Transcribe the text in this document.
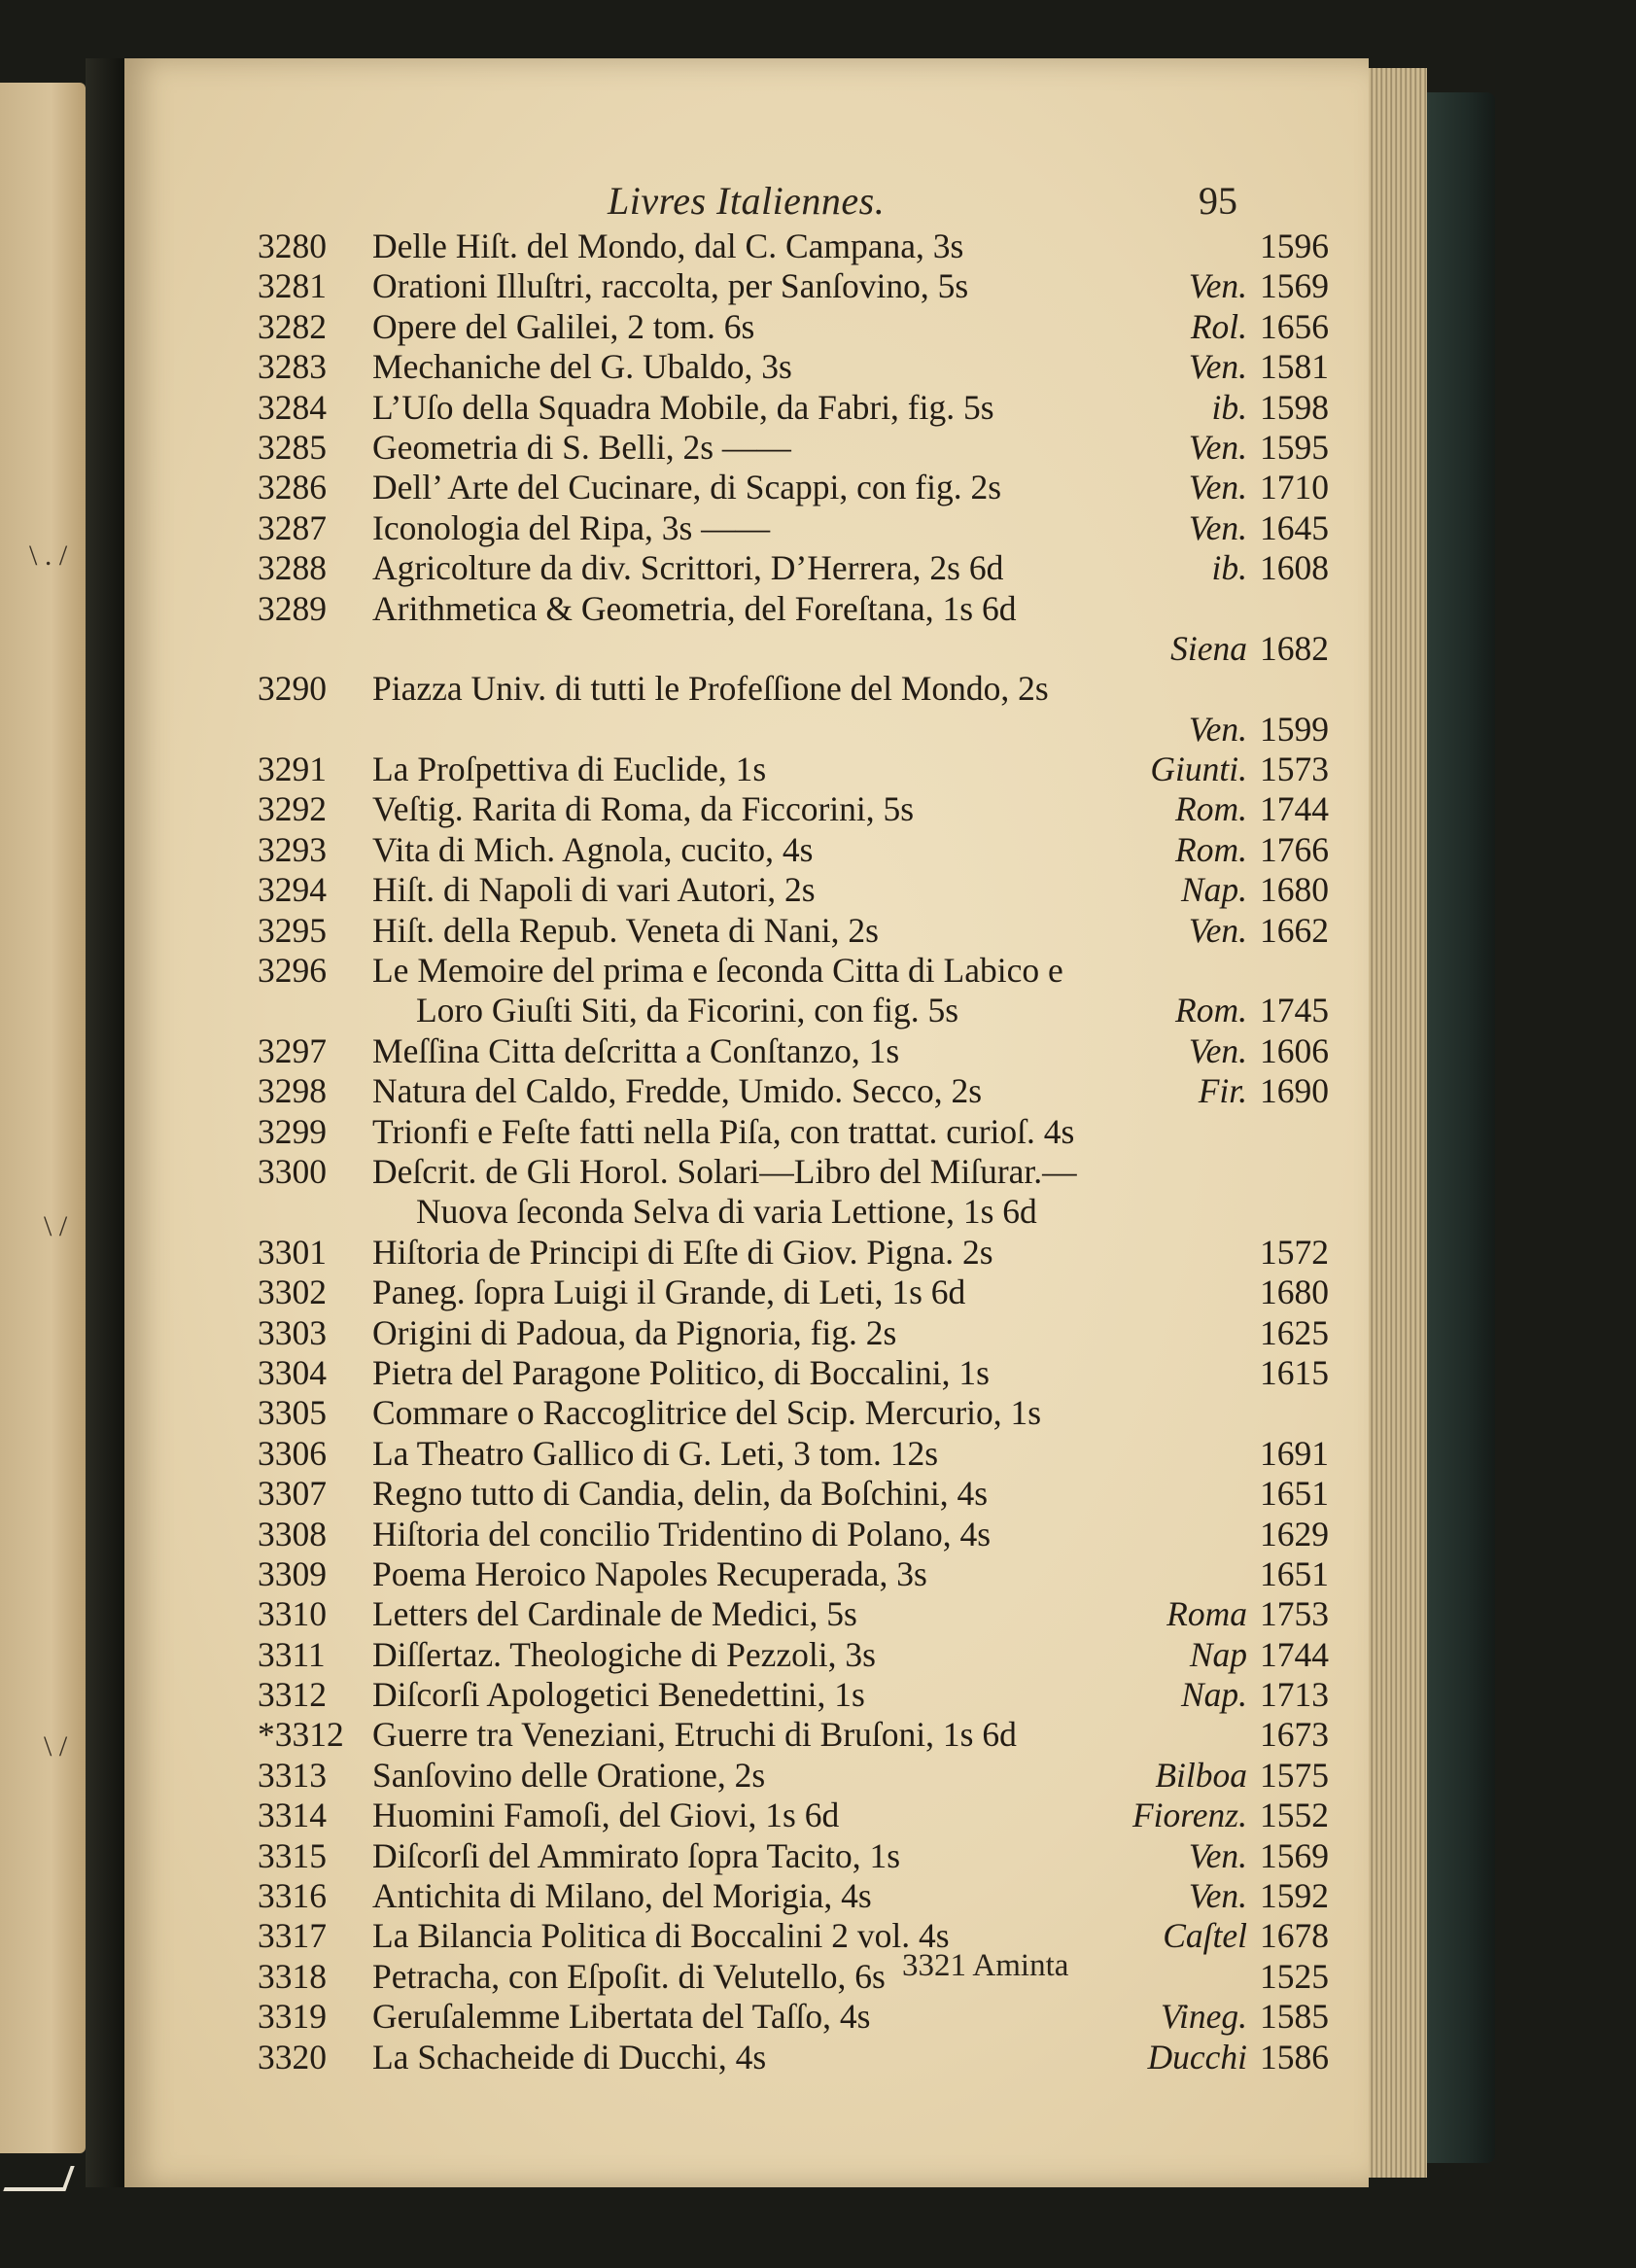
\ . /
\ /
\ /
Livres Italiennes.	95
3280	Delle Hiſt. del Mondo, dal C. Campana, 3s	1596
3281	Orationi Illuſtri, raccolta, per Sanſovino, 5s	Ven. 1569
3282	Opere del Galilei, 2 tom. 6s	Rol. 1656
3283	Mechaniche del G. Ubaldo, 3s	Ven. 1581
3284	L’Uſo della Squadra Mobile, da Fabri, fig. 5s	ib. 1598
3285	Geometria di S. Belli, 2s ——	Ven. 1595
3286	Dell’ Arte del Cucinare, di Scappi, con fig. 2s	Ven. 1710
3287	Iconologia del Ripa, 3s ——	Ven. 1645
3288	Agricolture da div. Scrittori, D’Herrera, 2s 6d	ib. 1608
3289	Arithmetica & Geometria, del Foreſtana, 1s 6d
Siena 1682
3290	Piazza Univ. di tutti le Profeſſione del Mondo, 2s
Ven. 1599
3291	La Proſpettiva di Euclide, 1s	Giunti. 1573
3292	Veſtig. Rarita di Roma, da Ficcorini, 5s	Rom. 1744
3293	Vita di Mich. Agnola, cucito, 4s	Rom. 1766
3294	Hiſt. di Napoli di vari Autori, 2s	Nap. 1680
3295	Hiſt. della Repub. Veneta di Nani, 2s	Ven. 1662
3296	Le Memoire del prima e ſeconda Citta di Labico e
Loro Giuſti Siti, da Ficorini, con fig. 5s	Rom. 1745
3297	Meſſina Citta deſcritta a Conſtanzo, 1s	Ven. 1606
3298	Natura del Caldo, Fredde, Umido. Secco, 2s	Fir. 1690
3299	Trionfi e Feſte fatti nella Piſa, con trattat. curioſ. 4s
3300	Deſcrit. de Gli Horol. Solari—Libro del Miſurar.—
Nuova ſeconda Selva di varia Lettione, 1s 6d
3301	Hiſtoria de Principi di Eſte di Giov. Pigna. 2s	1572
3302	Paneg. ſopra Luigi il Grande, di Leti, 1s 6d	1680
3303	Origini di Padoua, da Pignoria, fig. 2s	1625
3304	Pietra del Paragone Politico, di Boccalini, 1s	1615
3305	Commare o Raccoglitrice del Scip. Mercurio, 1s
3306	La Theatro Gallico di G. Leti, 3 tom. 12s	1691
3307	Regno tutto di Candia, delin, da Boſchini, 4s	1651
3308	Hiſtoria del concilio Tridentino di Polano, 4s	1629
3309	Poema Heroico Napoles Recuperada, 3s	1651
3310	Letters del Cardinale de Medici, 5s	Roma 1753
3311	Diſſertaz. Theologiche di Pezzoli, 3s	Nap 1744
3312	Diſcorſi Apologetici Benedettini, 1s	Nap. 1713
*3312 Guerre tra Veneziani, Etruchi di Bruſoni, 1s 6d	1673
3313	Sanſovino delle Oratione, 2s	Bilboa 1575
3314	Huomini Famoſi, del Giovi, 1s 6d	Fiorenz. 1552
3315	Diſcorſi del Ammirato ſopra Tacito, 1s	Ven. 1569
3316	Antichita di Milano, del Morigia, 4s	Ven. 1592
3317	La Bilancia Politica di Boccalini 2 vol. 4s	Caſtel 1678
3318	Petracha, con Eſpoſit. di Velutello, 6s	1525
3319	Geruſalemme Libertata del Taſſo, 4s	Vineg. 1585
3320	La Schacheide di Ducchi, 4s	Ducchi 1586
3321 Aminta
